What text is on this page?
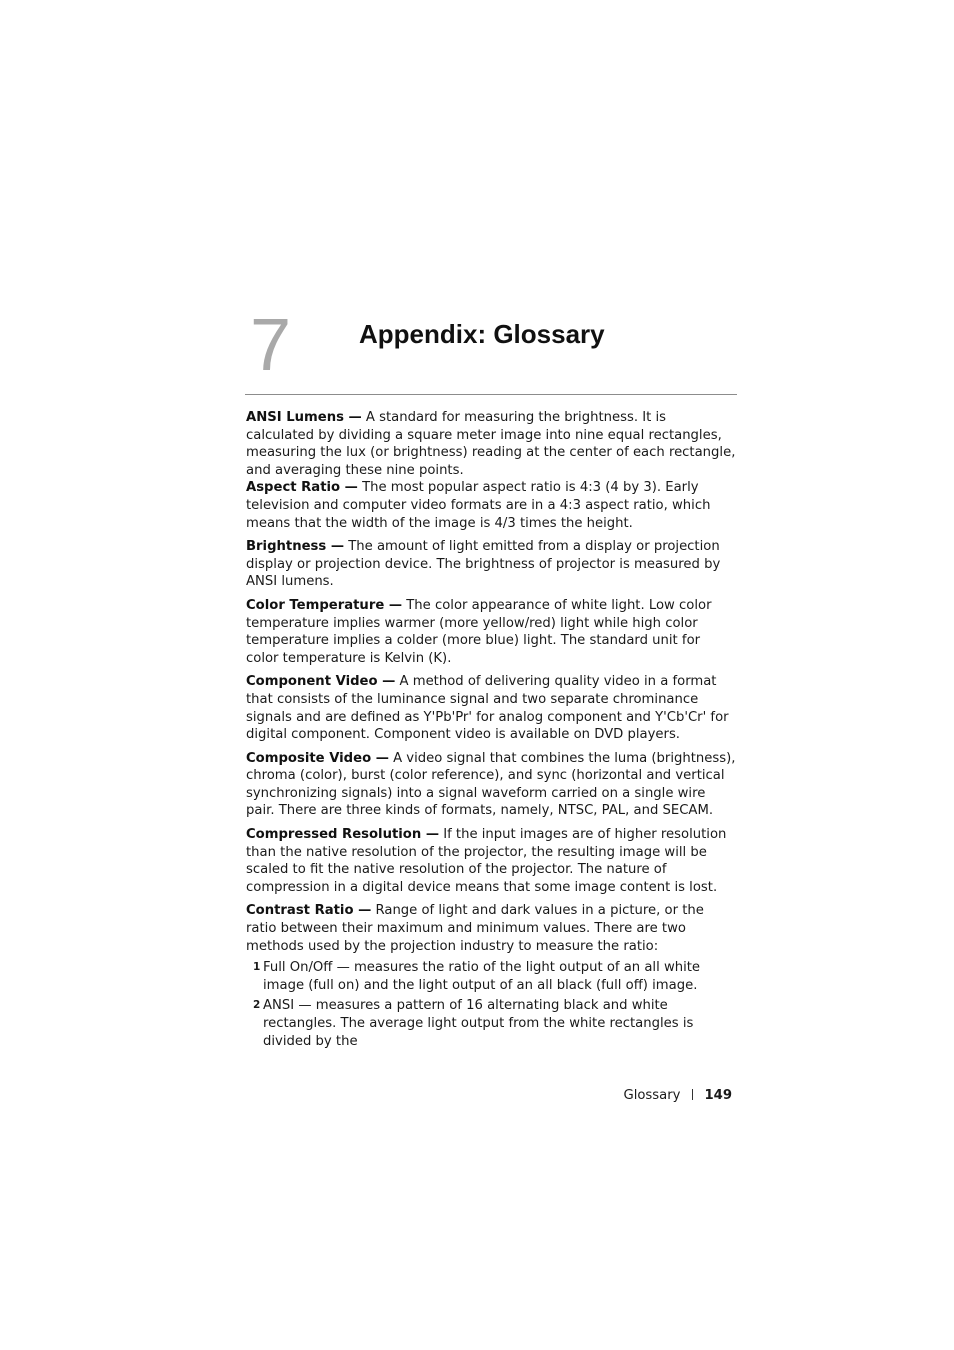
7	Appendix: Glossary

ANSI Lumens — A standard for measuring the brightness. It is calculated by dividing a square meter image into nine equal rectangles, measuring the lux (or brightness) reading at the center of each rectangle, and averaging these nine points.

Aspect Ratio — The most popular aspect ratio is 4:3 (4 by 3). Early television and computer video formats are in a 4:3 aspect ratio, which means that the width of the image is 4/3 times the height.

Brightness — The amount of light emitted from a display or projection display or projection device. The brightness of projector is measured by ANSI lumens.

Color Temperature — The color appearance of white light. Low color temperature implies warmer (more yellow/red) light while high color temperature implies a colder (more blue) light. The standard unit for color temperature is Kelvin (K).

Component Video — A method of delivering quality video in a format that consists of the luminance signal and two separate chrominance signals and are defined as Y'Pb'Pr' for analog component and Y'Cb'Cr' for digital component. Component video is available on DVD players.

Composite Video — A video signal that combines the luma (brightness), chroma (color), burst (color reference), and sync (horizontal and vertical synchronizing signals) into a signal waveform carried on a single wire pair. There are three kinds of formats, namely, NTSC, PAL, and SECAM.

Compressed Resolution — If the input images are of higher resolution than the native resolution of the projector, the resulting image will be scaled to fit the native resolution of the projector. The nature of compression in a digital device means that some image content is lost.

Contrast Ratio — Range of light and dark values in a picture, or the ratio between their maximum and minimum values. There are two methods used by the projection industry to measure the ratio:

1 Full On/Off — measures the ratio of the light output of an all white image (full on) and the light output of an all black (full off) image.
2 ANSI — measures a pattern of 16 alternating black and white rectangles. The average light output from the white rectangles is divided by the
Glossary 149
